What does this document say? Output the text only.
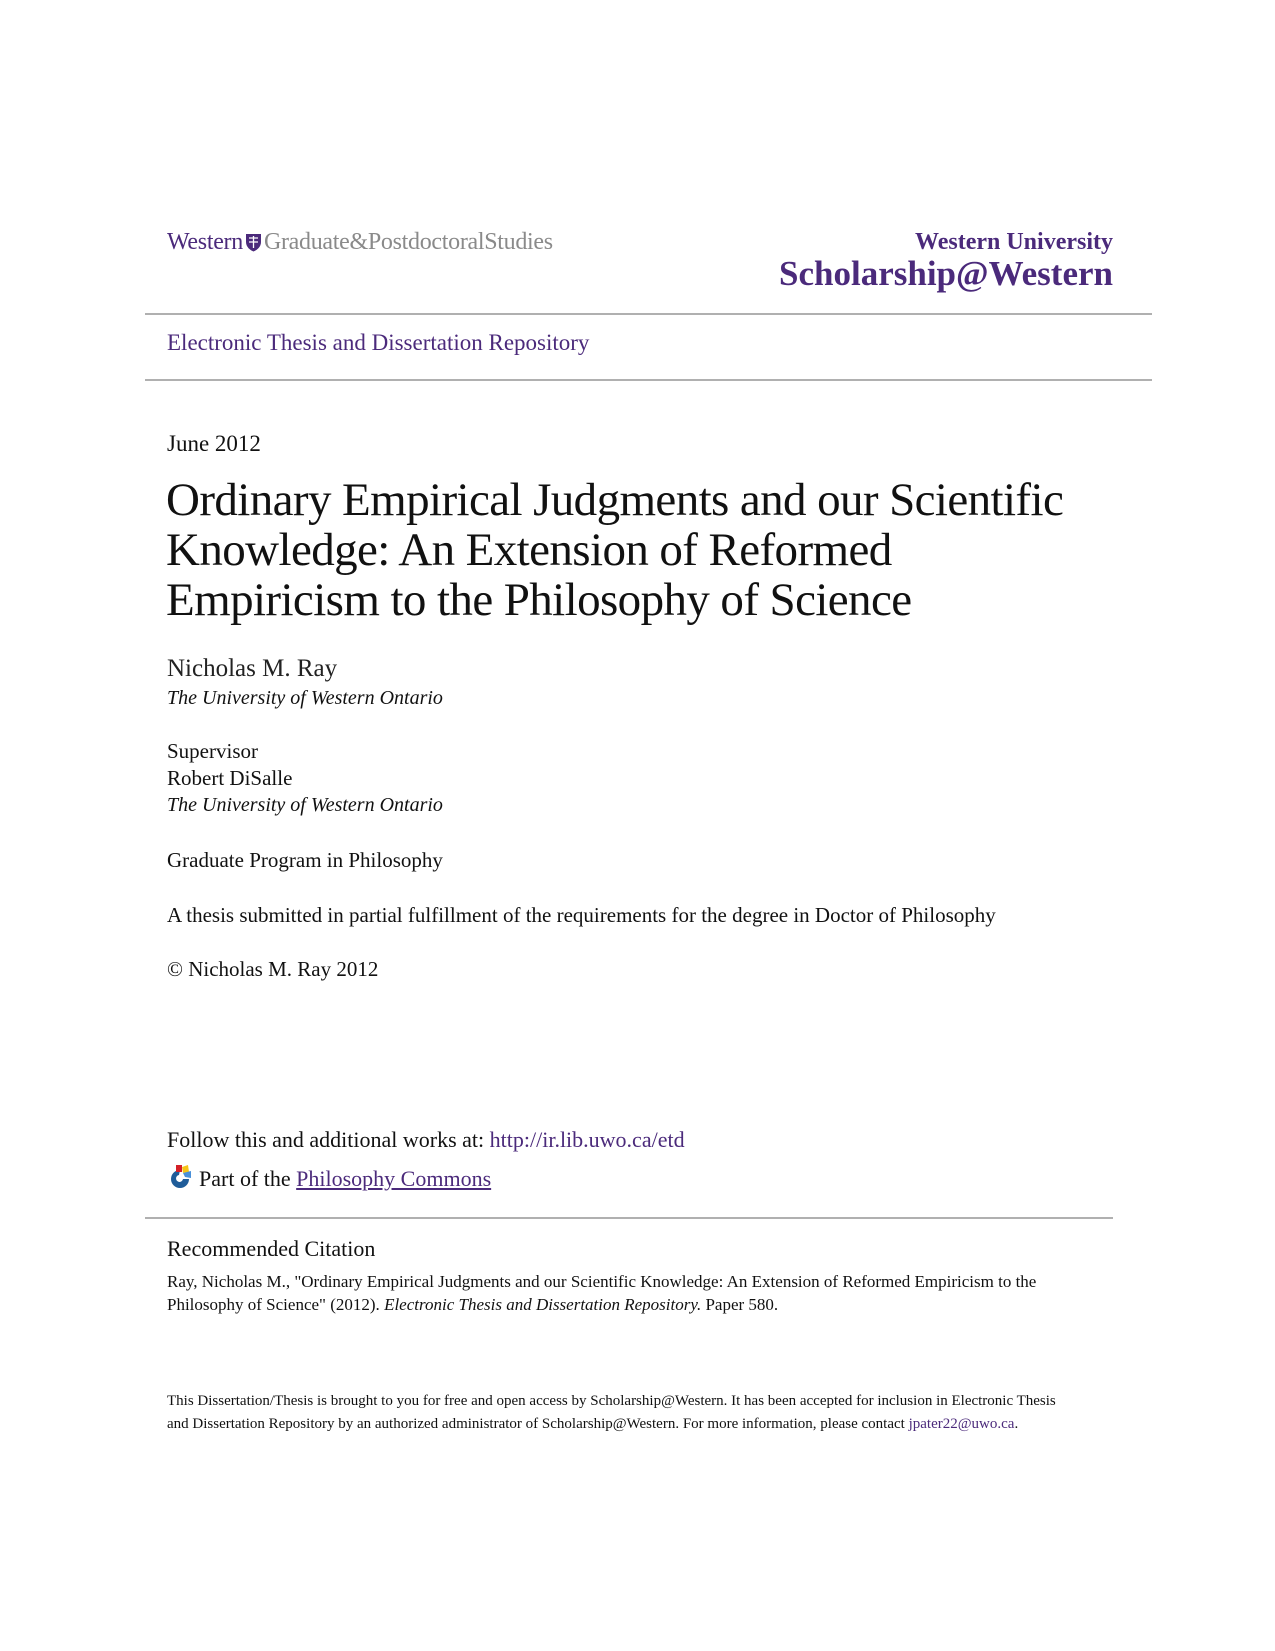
Western Graduate&PostdoctoralStudies	Western University
Scholarship@Western
Electronic Thesis and Dissertation Repository
June 2012
Ordinary Empirical Judgments and our Scientific
Knowledge: An Extension of Reformed
Empiricism to the Philosophy of Science
Nicholas M. Ray
The University of Western Ontario
Supervisor
Robert DiSalle
The University of Western Ontario
Graduate Program in Philosophy
A thesis submitted in partial fulfillment of the requirements for the degree in Doctor of Philosophy
© Nicholas M. Ray 2012
Follow this and additional works at: http://ir.lib.uwo.ca/etd
Part of the Philosophy Commons
Recommended Citation
Ray, Nicholas M., "Ordinary Empirical Judgments and our Scientific Knowledge: An Extension of Reformed Empiricism to the
Philosophy of Science" (2012). Electronic Thesis and Dissertation Repository. Paper 580.
This Dissertation/Thesis is brought to you for free and open access by Scholarship@Western. It has been accepted for inclusion in Electronic Thesis
and Dissertation Repository by an authorized administrator of Scholarship@Western. For more information, please contact jpater22@uwo.ca.
